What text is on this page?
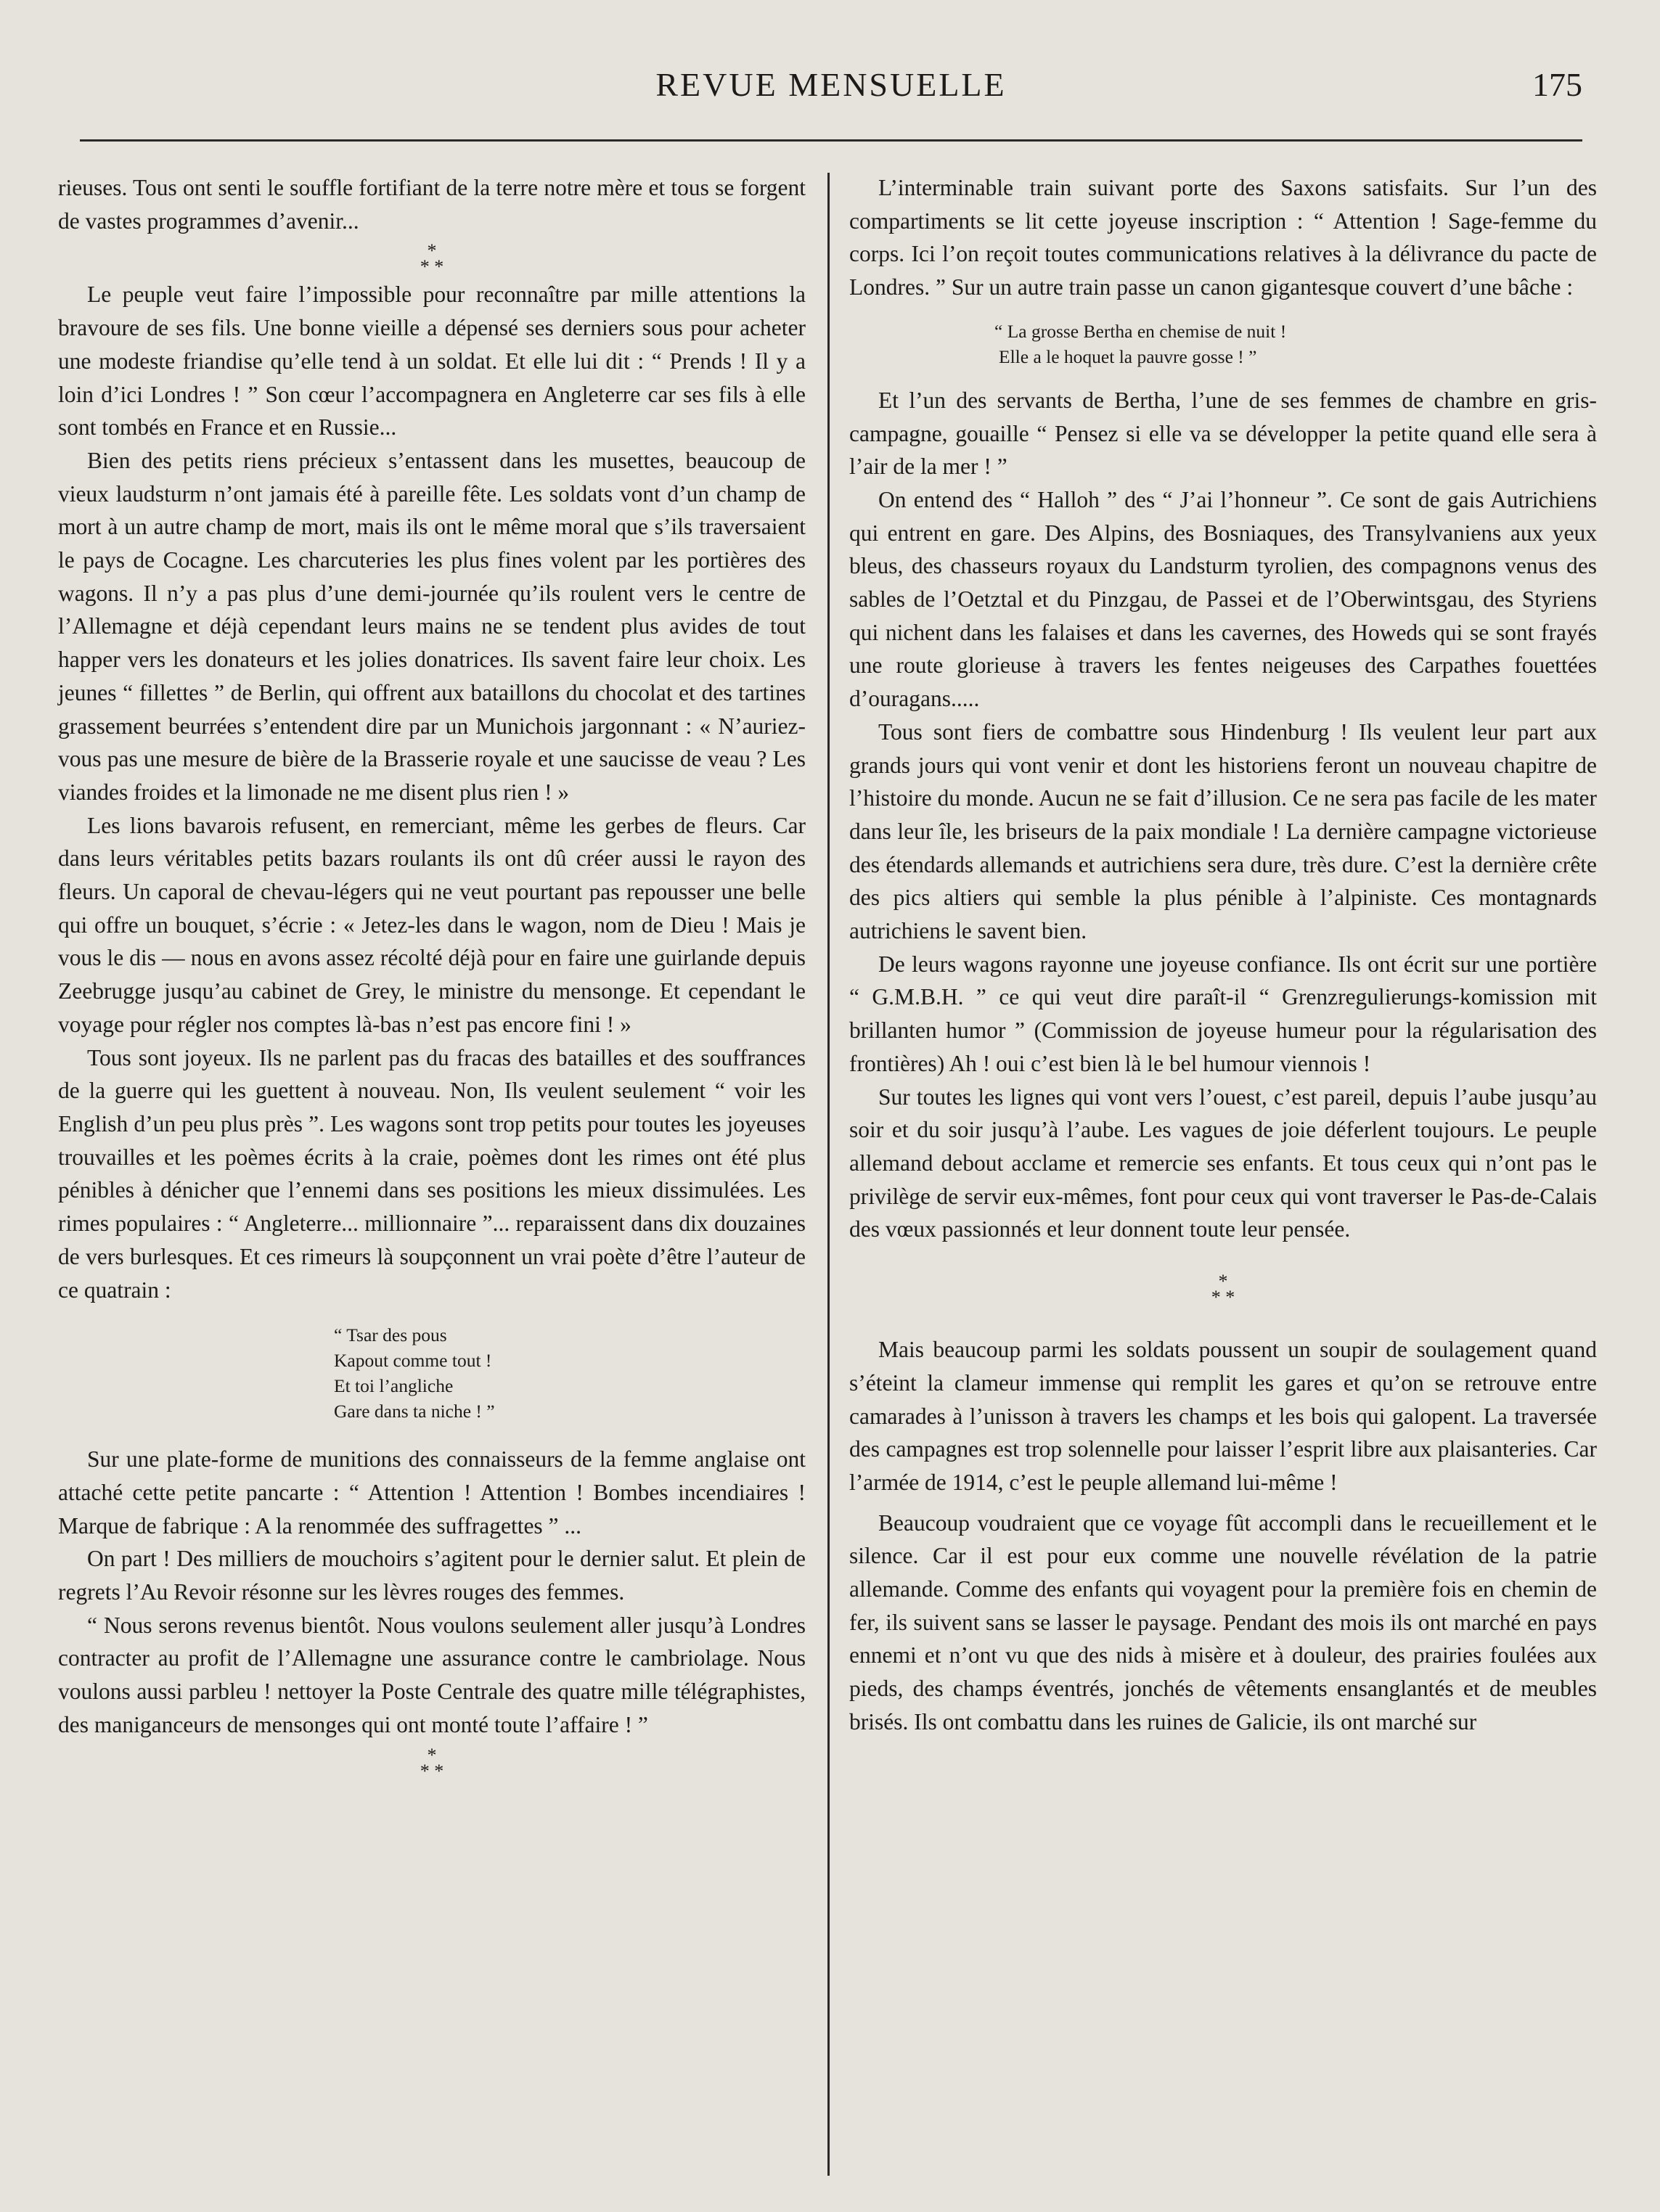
REVUE MENSUELLE	175

rieuses. Tous ont senti le souffle fortifiant de la terre notre mère et tous se forgent de vastes programmes d’avenir...

*
* *

Le peuple veut faire l’impossible pour reconnaître par mille attentions la bravoure de ses fils. Une bonne vieille a dépensé ses derniers sous pour acheter une modeste friandise qu’elle tend à un soldat. Et elle lui dit : “ Prends ! Il y a loin d’ici Londres ! ” Son cœur l’accompagnera en Angleterre car ses fils à elle sont tombés en France et en Russie...

Bien des petits riens précieux s’entassent dans les musettes, beaucoup de vieux laudsturm n’ont jamais été à pareille fête. Les soldats vont d’un champ de mort à un autre champ de mort, mais ils ont le même moral que s’ils traversaient le pays de Cocagne. Les charcuteries les plus fines volent par les portières des wagons. Il n’y a pas plus d’une demi-journée qu’ils roulent vers le centre de l’Allemagne et déjà cependant leurs mains ne se tendent plus avides de tout happer vers les donateurs et les jolies donatrices. Ils savent faire leur choix. Les jeunes “ fillettes ” de Berlin, qui offrent aux bataillons du chocolat et des tartines grassement beurrées s’entendent dire par un Munichois jargonnant : « N’auriez-vous pas une mesure de bière de la Brasserie royale et une saucisse de veau ? Les viandes froides et la limonade ne me disent plus rien ! »

Les lions bavarois refusent, en remerciant, même les gerbes de fleurs. Car dans leurs véritables petits bazars roulants ils ont dû créer aussi le rayon des fleurs. Un caporal de chevau-légers qui ne veut pourtant pas repousser une belle qui offre un bouquet, s’écrie : « Jetez-les dans le wagon, nom de Dieu ! Mais je vous le dis — nous en avons assez récolté déjà pour en faire une guirlande depuis Zeebrugge jusqu’au cabinet de Grey, le ministre du mensonge. Et cependant le voyage pour régler nos comptes là-bas n’est pas encore fini ! »

Tous sont joyeux. Ils ne parlent pas du fracas des batailles et des souffrances de la guerre qui les guettent à nouveau. Non, Ils veulent seulement “ voir les English d’un peu plus près ”. Les wagons sont trop petits pour toutes les joyeuses trouvailles et les poèmes écrits à la craie, poèmes dont les rimes ont été plus pénibles à dénicher que l’ennemi dans ses positions les mieux dissimulées. Les rimes populaires : “ Angleterre... millionnaire ”... reparaissent dans dix douzaines de vers burlesques. Et ces rimeurs là soupçonnent un vrai poète d’être l’auteur de ce quatrain :

“ Tsar des pous
Kapout comme tout !
Et toi l’angliche
Gare dans ta niche ! ”

Sur une plate-forme de munitions des connaisseurs de la femme anglaise ont attaché cette petite pancarte : “ Attention ! Attention ! Bombes incendiaires ! Marque de fabrique : A la renommée des suffragettes ” ...

On part ! Des milliers de mouchoirs s’agitent pour le dernier salut. Et plein de regrets l’Au Revoir résonne sur les lèvres rouges des femmes.

“ Nous serons revenus bientôt. Nous voulons seulement aller jusqu’à Londres contracter au profit de l’Allemagne une assurance contre le cambriolage. Nous voulons aussi parbleu ! nettoyer la Poste Centrale des quatre mille télégraphistes, des maniganceurs de mensonges qui ont monté toute l’affaire ! ”

*
* *

L’interminable train suivant porte des Saxons satisfaits. Sur l’un des compartiments se lit cette joyeuse inscription : “ Attention ! Sage-femme du corps. Ici l’on reçoit toutes communications relatives à la délivrance du pacte de Londres. ” Sur un autre train passe un canon gigantesque couvert d’une bâche :

“ La grosse Bertha en chemise de nuit !
Elle a le hoquet la pauvre gosse ! ”

Et l’un des servants de Bertha, l’une de ses femmes de chambre en gris-campagne, gouaille “ Pensez si elle va se développer la petite quand elle sera à l’air de la mer ! ”

On entend des “ Halloh ” des “ J’ai l’honneur ”. Ce sont de gais Autrichiens qui entrent en gare. Des Alpins, des Bosniaques, des Transylvaniens aux yeux bleus, des chasseurs royaux du Landsturm tyrolien, des compagnons venus des sables de l’Oetztal et du Pinzgau, de Passei et de l’Oberwintsgau, des Styriens qui nichent dans les falaises et dans les cavernes, des Howeds qui se sont frayés une route glorieuse à travers les fentes neigeuses des Carpathes fouettées d’ouragans.....

Tous sont fiers de combattre sous Hindenburg ! Ils veulent leur part aux grands jours qui vont venir et dont les historiens feront un nouveau chapitre de l’histoire du monde. Aucun ne se fait d’illusion. Ce ne sera pas facile de les mater dans leur île, les briseurs de la paix mondiale ! La dernière campagne victorieuse des étendards allemands et autrichiens sera dure, très dure. C’est la dernière crête des pics altiers qui semble la plus pénible à l’alpiniste. Ces montagnards autrichiens le savent bien.

De leurs wagons rayonne une joyeuse confiance. Ils ont écrit sur une portière “ G.M.B.H. ” ce qui veut dire paraît-il “ Grenzregulierungs-komission mit brillanten humor ” (Commission de joyeuse humeur pour la régularisation des frontières) Ah ! oui c’est bien là le bel humour viennois !

Sur toutes les lignes qui vont vers l’ouest, c’est pareil, depuis l’aube jusqu’au soir et du soir jusqu’à l’aube. Les vagues de joie déferlent toujours. Le peuple allemand debout acclame et remercie ses enfants. Et tous ceux qui n’ont pas le privilège de servir eux-mêmes, font pour ceux qui vont traverser le Pas-de-Calais des vœux passionnés et leur donnent toute leur pensée.

*
* *

Mais beaucoup parmi les soldats poussent un soupir de soulagement quand s’éteint la clameur immense qui remplit les gares et qu’on se retrouve entre camarades à l’unisson à travers les champs et les bois qui galopent. La traversée des campagnes est trop solennelle pour laisser l’esprit libre aux plaisanteries. Car l’armée de 1914, c’est le peuple allemand lui-même !

Beaucoup voudraient que ce voyage fût accompli dans le recueillement et le silence. Car il est pour eux comme une nouvelle révélation de la patrie allemande. Comme des enfants qui voyagent pour la première fois en chemin de fer, ils suivent sans se lasser le paysage. Pendant des mois ils ont marché en pays ennemi et n’ont vu que des nids à misère et à douleur, des prairies foulées aux pieds, des champs éventrés, jonchés de vêtements ensanglantés et de meubles brisés. Ils ont combattu dans les ruines de Galicie, ils ont marché sur
